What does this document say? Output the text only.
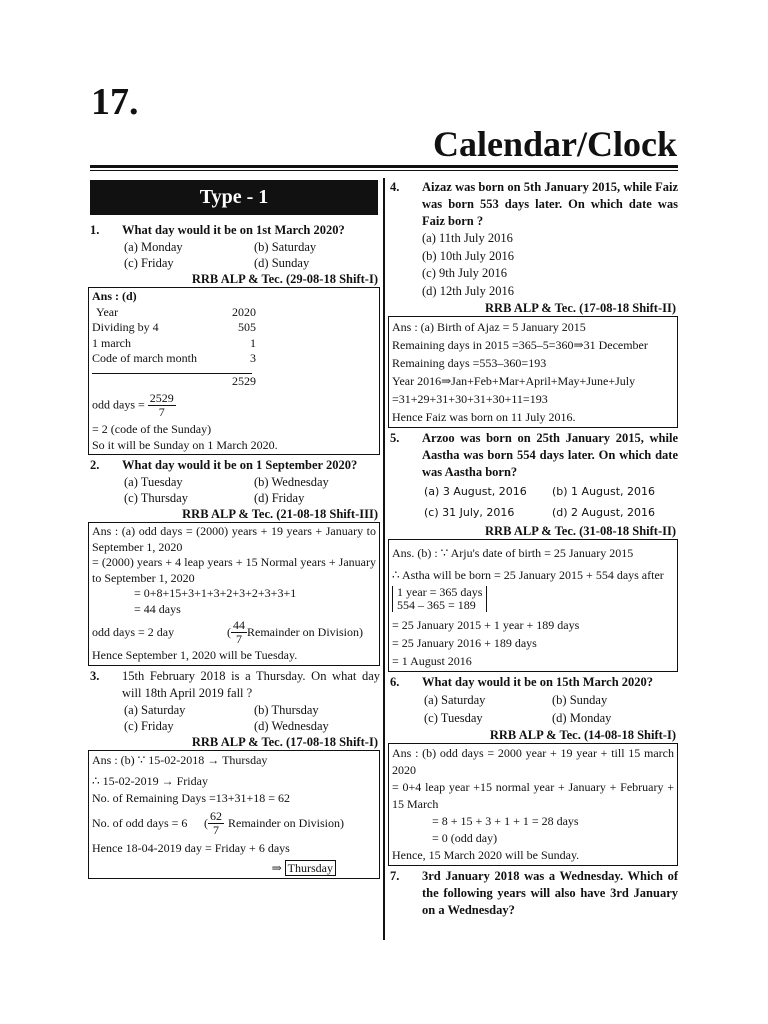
17.
Calendar/Clock
Type - 1
1.	What day would it be on 1st March 2020?
(a) Monday	(b) Saturday
(c) Friday	(d) Sunday
RRB ALP & Tec. (29-08-18 Shift-I)
Ans : (d)
Year	2020
Dividing by 4	505
1 march	1
Code of march month	3
2529
odd days = $\frac{2529}{7}$
= 2 (code of the Sunday)
So it will be Sunday on 1 March 2020.
2.	What day would it be on 1 September 2020?
(a) Tuesday	(b) Wednesday
(c) Thursday	(d) Friday
RRB ALP & Tec. (21-08-18 Shift-III)
Ans : (a) odd days = (2000) years + 19 years + January to September 1, 2020
= (2000) years + 4 leap years + 15 Normal years + January to September 1, 2020
= 0+8+15+3+1+3+2+3+2+3+3+1
= 44 days
odd days = 2 day	( $\frac{44}{7}$ Remainder on Division)
Hence September 1, 2020 will be Tuesday.
3.	15th February 2018 is a Thursday. On what day will 18th April 2019 fall ?
(a) Saturday	(b) Thursday
(c) Friday	(d) Wednesday
RRB ALP & Tec. (17-08-18 Shift-I)
Ans : (b) ∵ 15-02-2018 → Thursday
∴ 15-02-2019 → Friday
No. of Remaining Days =13+31+18 = 62
No. of odd days = 6	( $\frac{62}{7}$ Remainder on Division )
Hence 18-04-2019 day = Friday + 6 days
⇒ Thursday
4.	Aizaz was born on 5th January 2015, while Faiz was born 553 days later. On which date was Faiz born ?
(a) 11th July 2016
(b) 10th July 2016
(c) 9th July 2016
(d) 12th July 2016
RRB ALP & Tec. (17-08-18 Shift-II)
Ans : (a) Birth of Ajaz = 5 January 2015
Remaining days in 2015 =365–5=360⇒31 December
Remaining days =553–360=193
Year 2016⇒Jan+Feb+Mar+April+May+June+July
=31+29+31+30+31+30+11=193
Hence Faiz was born on 11 July 2016.
5.	Arzoo was born on 25th January 2015, while Aastha was born 554 days later. On which date was Aastha born?
(a) 3 August, 2016	(b) 1 August, 2016
(c) 31 July, 2016	(d) 2 August, 2016
RRB ALP & Tec. (31-08-18 Shift-II)
Ans. (b) : ∵ Arju's date of birth = 25 January 2015
∴ Astha will be born = 25 January 2015 + 554 days after
1 year = 365 days
554 – 365 = 189
= 25 January 2015 + 1 year + 189 days
= 25 January 2016 + 189 days
= 1 August 2016
6.	What day would it be on 15th March 2020?
(a) Saturday	(b) Sunday
(c) Tuesday	(d) Monday
RRB ALP & Tec. (14-08-18 Shift-I)
Ans : (b) odd days = 2000 year + 19 year + till 15 march 2020
= 0+4 leap year +15 normal year + January + February + 15 March
= 8 + 15 + 3 + 1 + 1 = 28 days
= 0 (odd day)
Hence, 15 March 2020 will be Sunday.
7.	3rd January 2018 was a Wednesday. Which of the following years will also have 3rd January on a Wednesday?
